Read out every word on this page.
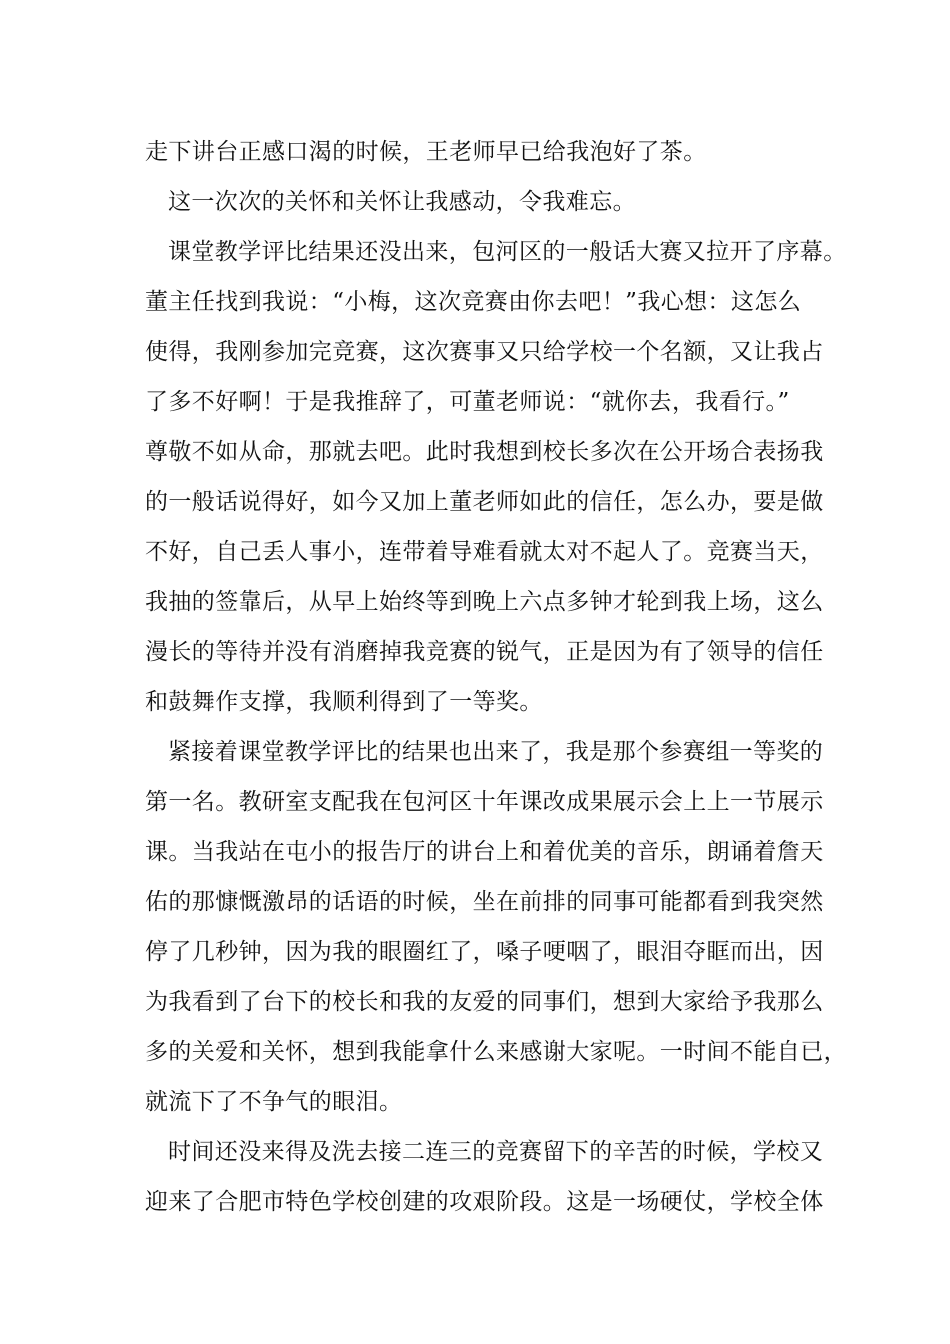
走下讲台正感口渴的时候，王老师早已给我泡好了茶。
这一次次的关怀和关怀让我感动，令我难忘。
课堂教学评比结果还没出来，包河区的一般话大赛又拉开了序幕。
董主任找到我说：“小梅，这次竞赛由你去吧！”我心想：这怎么
使得，我刚参加完竞赛，这次赛事又只给学校一个名额，又让我占
了多不好啊！于是我推辞了，可董老师说：“就你去，我看行。”
尊敬不如从命，那就去吧。此时我想到校长多次在公开场合表扬我
的一般话说得好，如今又加上董老师如此的信任，怎么办，要是做
不好，自己丢人事小，连带着导难看就太对不起人了。竞赛当天，
我抽的签靠后，从早上始终等到晚上六点多钟才轮到我上场，这么
漫长的等待并没有消磨掉我竞赛的锐气，正是因为有了领导的信任
和鼓舞作支撑，我顺利得到了一等奖。
紧接着课堂教学评比的结果也出来了，我是那个参赛组一等奖的
第一名。教研室支配我在包河区十年课改成果展示会上上一节展示
课。当我站在屯小的报告厅的讲台上和着优美的音乐，朗诵着詹天
佑的那慷慨激昂的话语的时候，坐在前排的同事可能都看到我突然
停了几秒钟，因为我的眼圈红了，嗓子哽咽了，眼泪夺眶而出，因
为我看到了台下的校长和我的友爱的同事们，想到大家给予我那么
多的关爱和关怀，想到我能拿什么来感谢大家呢。一时间不能自已，
就流下了不争气的眼泪。
时间还没来得及洗去接二连三的竞赛留下的辛苦的时候，学校又
迎来了合肥市特色学校创建的攻艰阶段。这是一场硬仗，学校全体
